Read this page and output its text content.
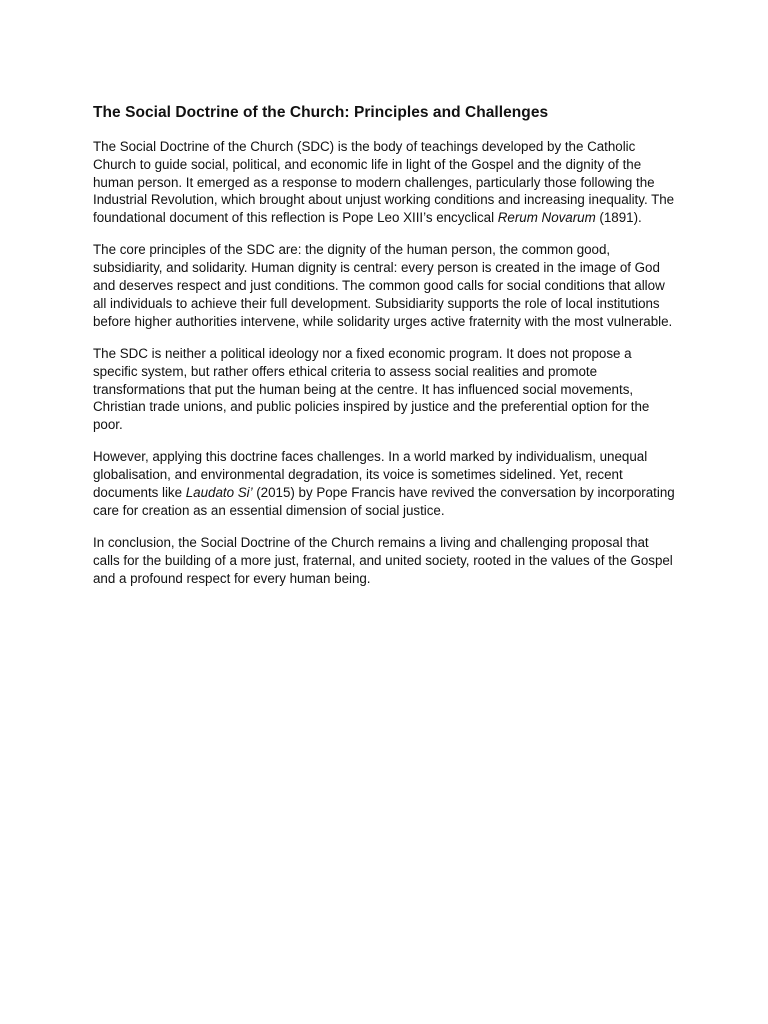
The Social Doctrine of the Church: Principles and Challenges

The Social Doctrine of the Church (SDC) is the body of teachings developed by the Catholic Church to guide social, political, and economic life in light of the Gospel and the dignity of the human person. It emerged as a response to modern challenges, particularly those following the Industrial Revolution, which brought about unjust working conditions and increasing inequality. The foundational document of this reflection is Pope Leo XIII’s encyclical Rerum Novarum (1891).

The core principles of the SDC are: the dignity of the human person, the common good, subsidiarity, and solidarity. Human dignity is central: every person is created in the image of God and deserves respect and just conditions. The common good calls for social conditions that allow all individuals to achieve their full development. Subsidiarity supports the role of local institutions before higher authorities intervene, while solidarity urges active fraternity with the most vulnerable.

The SDC is neither a political ideology nor a fixed economic program. It does not propose a specific system, but rather offers ethical criteria to assess social realities and promote transformations that put the human being at the centre. It has influenced social movements, Christian trade unions, and public policies inspired by justice and the preferential option for the poor.

However, applying this doctrine faces challenges. In a world marked by individualism, unequal globalisation, and environmental degradation, its voice is sometimes sidelined. Yet, recent documents like Laudato Si’ (2015) by Pope Francis have revived the conversation by incorporating care for creation as an essential dimension of social justice.

In conclusion, the Social Doctrine of the Church remains a living and challenging proposal that calls for the building of a more just, fraternal, and united society, rooted in the values of the Gospel and a profound respect for every human being.
